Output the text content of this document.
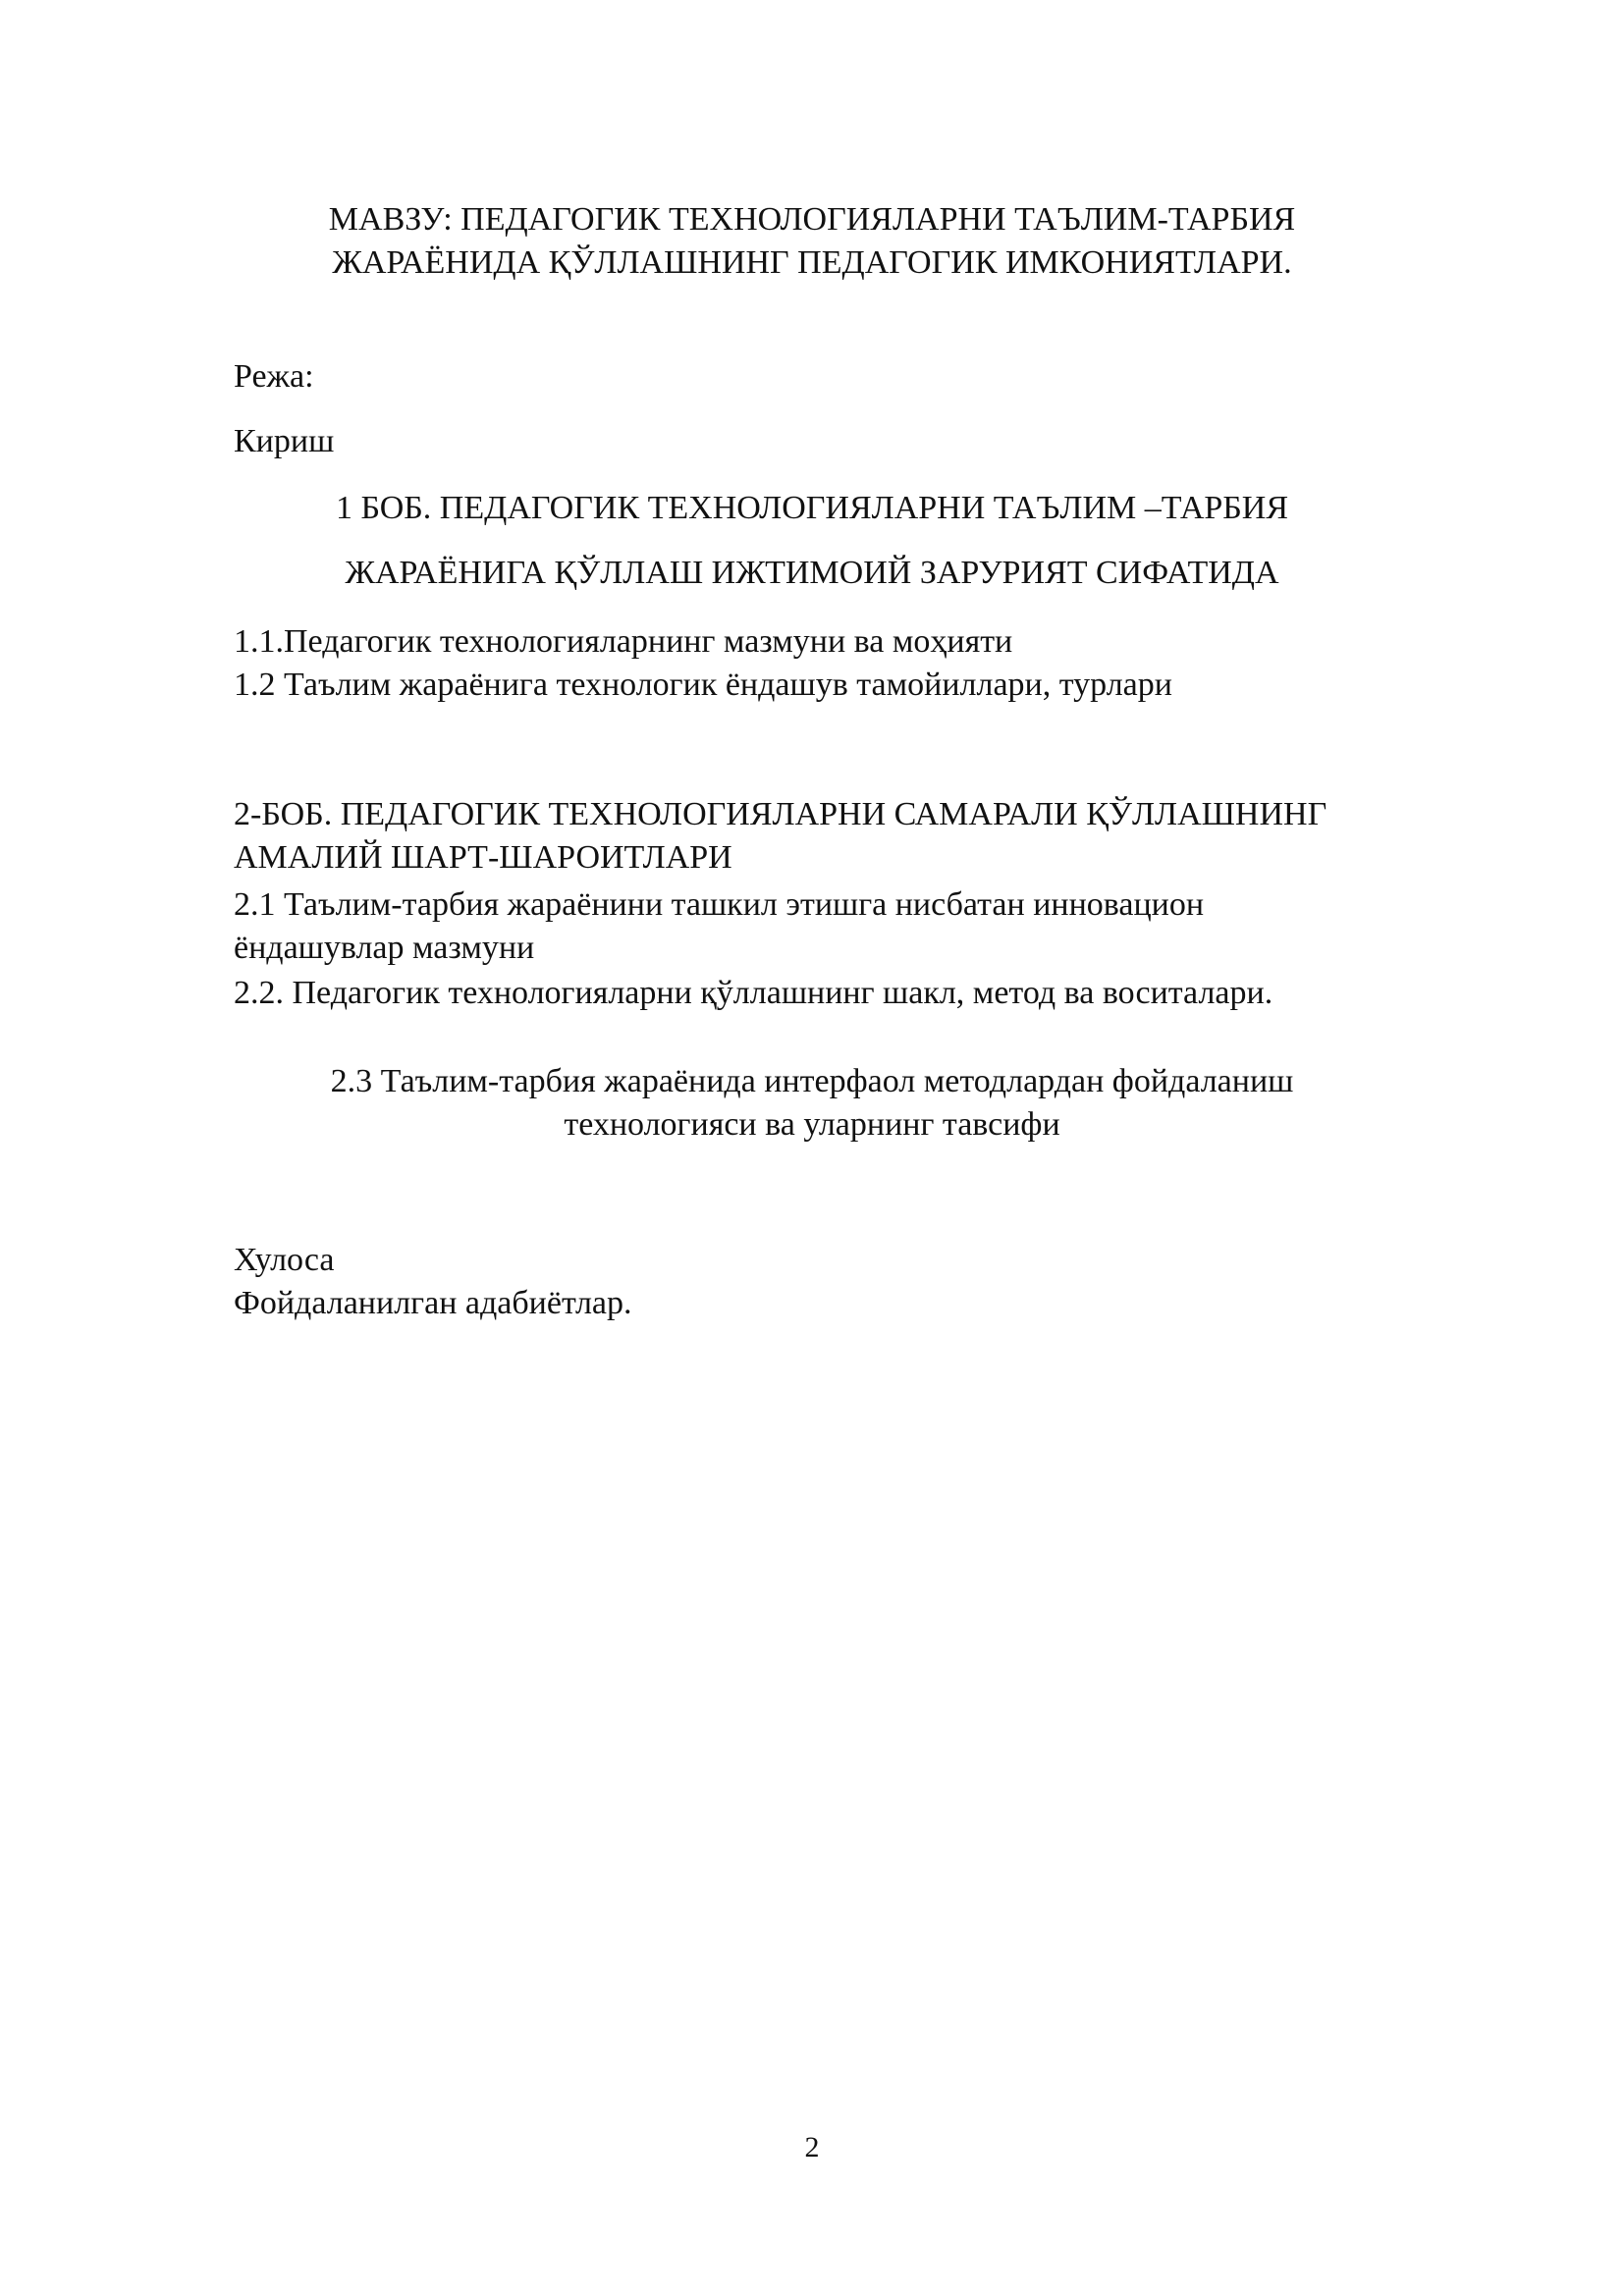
МАВЗУ: ПЕДАГОГИК ТЕХНОЛОГИЯЛАРНИ ТАЪЛИМ-ТАРБИЯ
ЖАРАЁНИДА ҚЎЛЛАШНИНГ ПЕДАГОГИК ИМКОНИЯТЛАРИ.
Режа:
Кириш
1 БОБ. ПЕДАГОГИК ТЕХНОЛОГИЯЛАРНИ ТАЪЛИМ –ТАРБИЯ
ЖАРАЁНИГА ҚЎЛЛАШ ИЖТИМОИЙ ЗАРУРИЯТ СИФАТИДА
1.1.Педагогик технологияларнинг мазмуни ва моҳияти
1.2 Таълим жараёнига технологик ёндашув тамойиллари, турлари
2-БОБ. ПЕДАГОГИК ТЕХНОЛОГИЯЛАРНИ САМАРАЛИ ҚЎЛЛАШНИНГ
АМАЛИЙ ШАРТ-ШАРОИТЛАРИ
2.1 Таълим-тарбия жараёнини ташкил этишга нисбатан инновацион
ёндашувлар мазмуни
2.2. Педагогик технологияларни қўллашнинг шакл, метод ва воситалари.
2.3 Таълим-тарбия жараёнида интерфаол методлардан фойдаланиш
технологияси ва уларнинг тавсифи
Хулоса
Фойдаланилган адабиётлар.
2
